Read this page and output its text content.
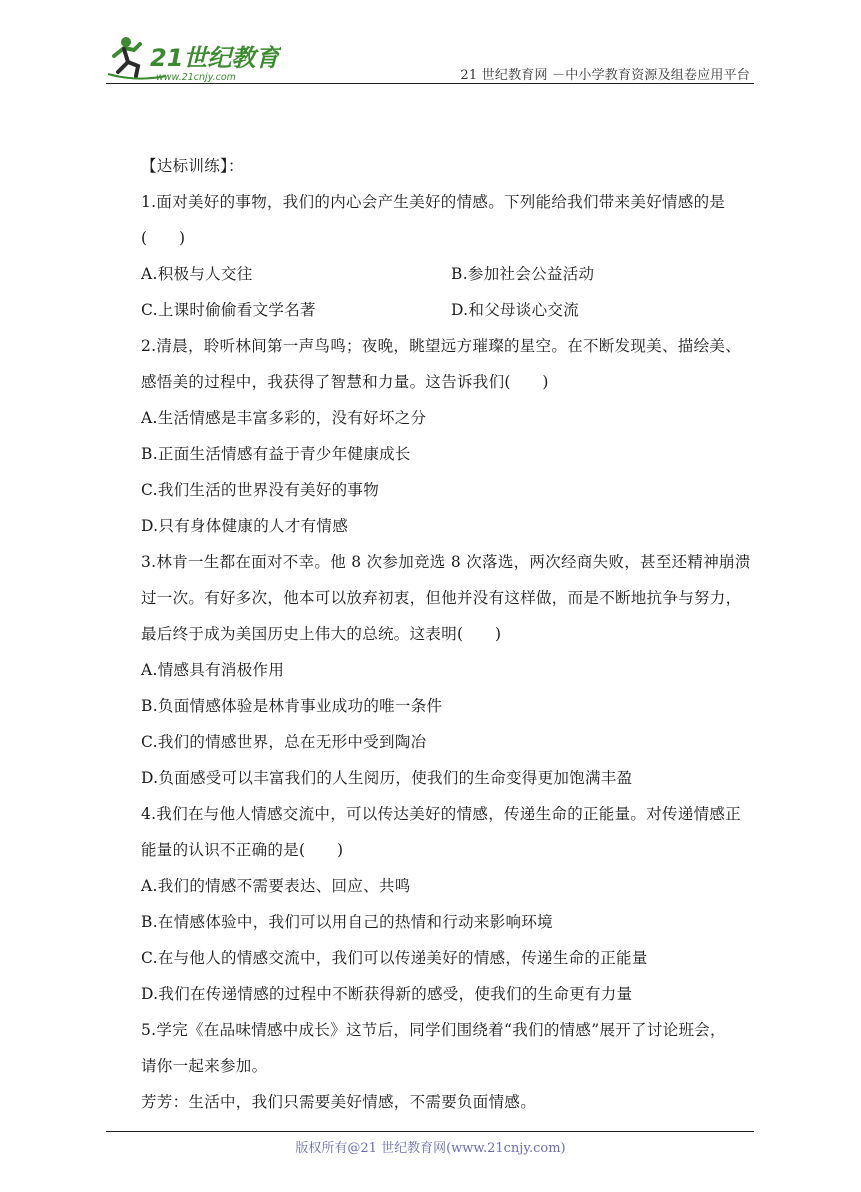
21世纪教育
www.21cnjy.com	21 世纪教育网 －中小学教育资源及组卷应用平台
【达标训练】：
1.面对美好的事物，我们的内心会产生美好的情感。下列能给我们带来美好情感的是
(　　)
A.积极与人交往	B.参加社会公益活动
C.上课时偷偷看文学名著	D.和父母谈心交流
2.清晨，聆听林间第一声鸟鸣；夜晚，眺望远方璀璨的星空。在不断发现美、描绘美、
感悟美的过程中，我获得了智慧和力量。这告诉我们(　　)
A.生活情感是丰富多彩的，没有好坏之分
B.正面生活情感有益于青少年健康成长
C.我们生活的世界没有美好的事物
D.只有身体健康的人才有情感
3.林肯一生都在面对不幸。他 8 次参加竞选 8 次落选，两次经商失败，甚至还精神崩溃
过一次。有好多次，他本可以放弃初衷，但他并没有这样做，而是不断地抗争与努力，
最后终于成为美国历史上伟大的总统。这表明(　　)
A.情感具有消极作用
B.负面情感体验是林肯事业成功的唯一条件
C.我们的情感世界，总在无形中受到陶冶
D.负面感受可以丰富我们的人生阅历，使我们的生命变得更加饱满丰盈
4.我们在与他人情感交流中，可以传达美好的情感，传递生命的正能量。对传递情感正
能量的认识不正确的是(　　)
A.我们的情感不需要表达、回应、共鸣
B.在情感体验中，我们可以用自己的热情和行动来影响环境
C.在与他人的情感交流中，我们可以传递美好的情感，传递生命的正能量
D.我们在传递情感的过程中不断获得新的感受，使我们的生命更有力量
5.学完《在品味情感中成长》这节后，同学们围绕着“我们的情感”展开了讨论班会，
请你一起来参加。
芳芳：生活中，我们只需要美好情感，不需要负面情感。
版权所有@21 世纪教育网(www.21cnjy.com)
